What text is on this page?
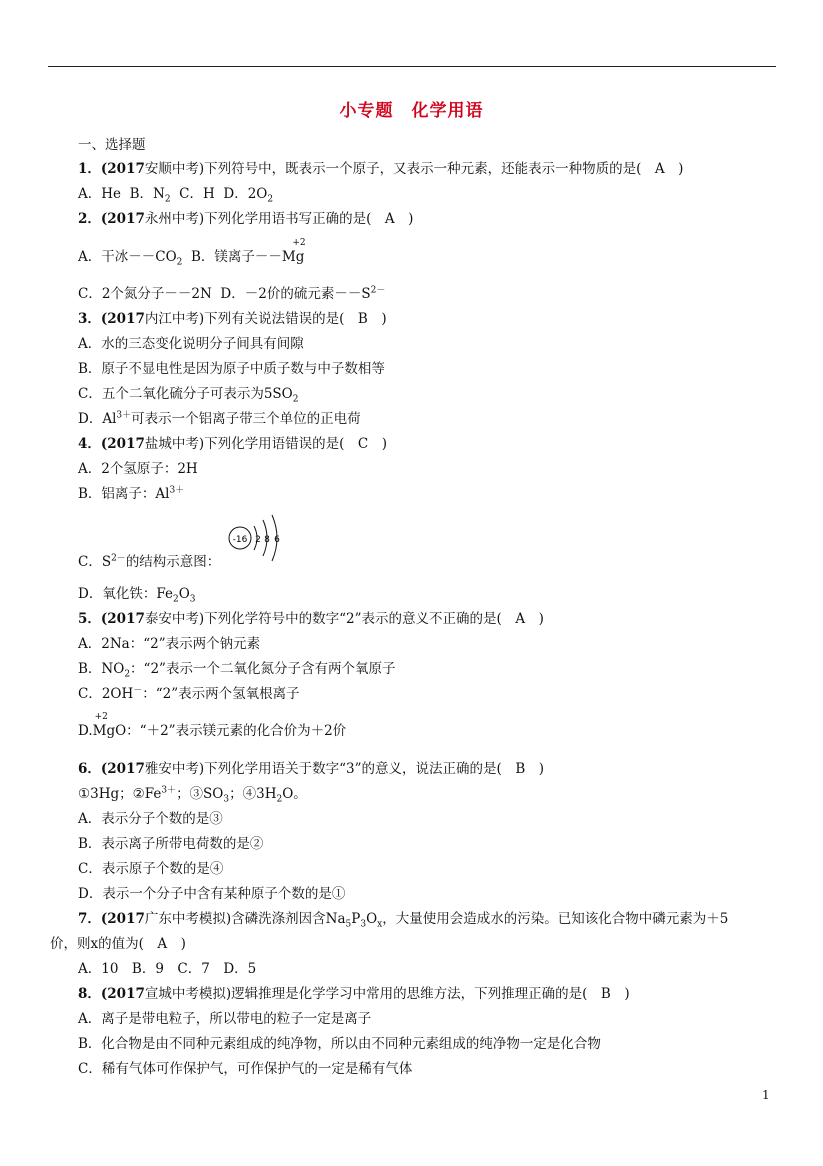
小专题 化学用语
一、选择题
1．(2017安顺中考)下列符号中，既表示一个原子，又表示一种元素，还能表示一种物质的是(　A　)
A．He B．$N_2$ C．H D．$2O_2$
2．(2017永州中考)下列化学用语书写正确的是(　A　)
A．干冰$--CO_2$ B．镁离子$--Mg^{+2}$
C．2个氮分子－－2N D．－2价的硫元素$--S^{2-}$
3．(2017内江中考)下列有关说法错误的是(　B　)
A．水的三态变化说明分子间具有间隙
B．原子不显电性是因为原子中质子数与中子数相等
C．五个二氧化硫分子可表示为$5SO_2$
D．$Al^{3+}$可表示一个铝离子带三个单位的正电荷
4．(2017盐城中考)下列化学用语错误的是(　C　)
A．2个氢原子：2H
B．铝离子：$Al^{3+}$
C．$S^{2-}$的结构示意图：
-16 2 8 6
D．氧化铁：$Fe_2O_3$
5．(2017泰安中考)下列化学符号中的数字“2”表示的意义不正确的是(　A　)
A．2Na：“2”表示两个钠元素
B．$NO_2$：“2”表示一个二氧化氮分子含有两个氧原子
C．2OH－：“2”表示两个氢氧根离子
D.
+2
MgO：“＋2”表示镁元素的化合价为＋2价
6．(2017雅安中考)下列化学用语关于数字“3”的意义，说法正确的是(　B　)
①3Hg；$②Fe^{3+}$；$③SO_3$；$④3H_2O$。
A．表示分子个数的是③
B．表示离子所带电荷数的是②
C．表示原子个数的是④
D．表示一个分子中含有某种原子个数的是①
7．(2017广东中考模拟)含磷洗涤剂因含$Na_5P_3O_x$，大量使用会造成水的污染。已知该化合物中磷元素为＋5
价，则x的值为(　A　)
A．10　B．9　C．7　D．5
8．(2017宣城中考模拟)逻辑推理是化学学习中常用的思维方法，下列推理正确的是(　B　)
A．离子是带电粒子，所以带电的粒子一定是离子
B．化合物是由不同种元素组成的纯净物，所以由不同种元素组成的纯净物一定是化合物
C．稀有气体可作保护气，可作保护气的一定是稀有气体
1
